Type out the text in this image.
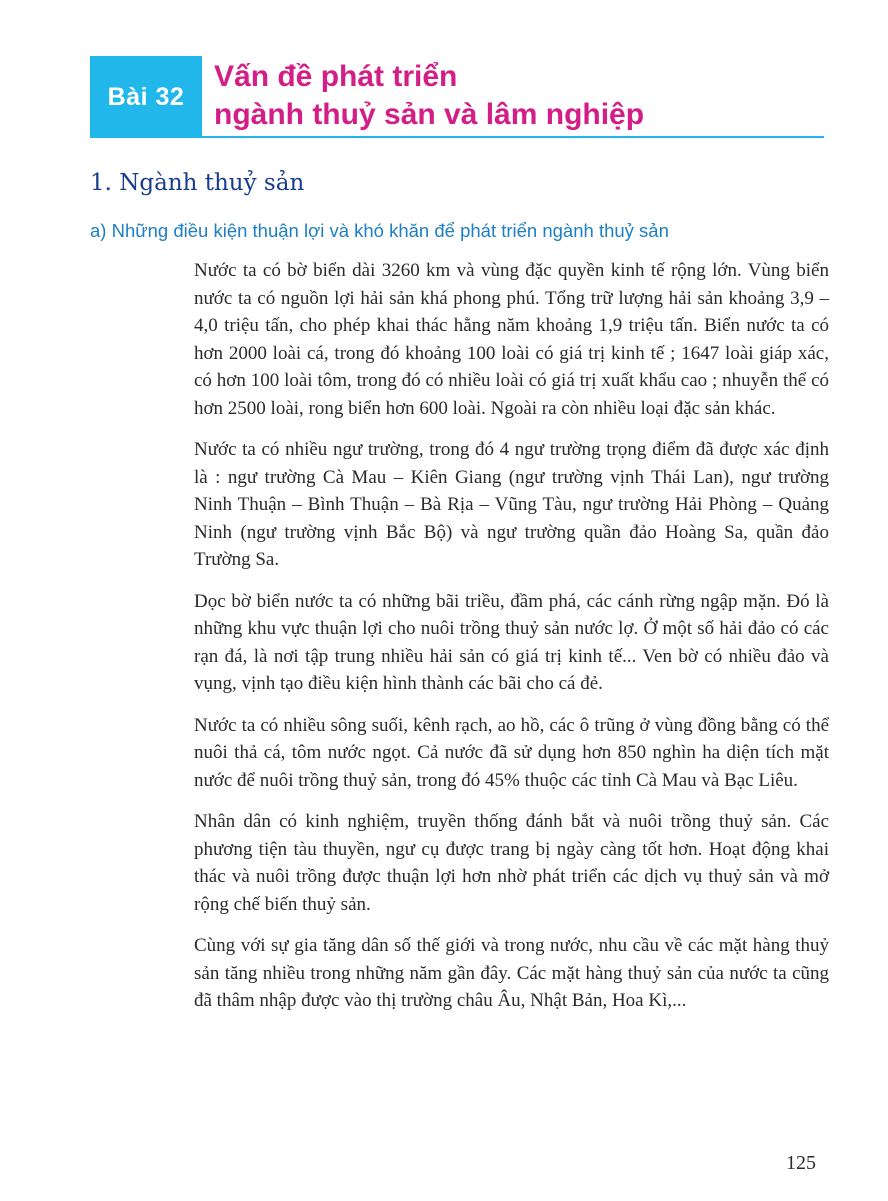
Bài 32
Vấn đề phát triển
ngành thuỷ sản và lâm nghiệp
1. Ngành thuỷ sản
a) Những điều kiện thuận lợi và khó khăn để phát triển ngành thuỷ sản

Nước ta có bờ biển dài 3260 km và vùng đặc quyền kinh tế rộng lớn. Vùng biển nước ta có nguồn lợi hải sản khá phong phú. Tổng trữ lượng hải sản khoảng 3,9 – 4,0 triệu tấn, cho phép khai thác hằng năm khoảng 1,9 triệu tấn. Biển nước ta có hơn 2000 loài cá, trong đó khoảng 100 loài có giá trị kinh tế ; 1647 loài giáp xác, có hơn 100 loài tôm, trong đó có nhiều loài có giá trị xuất khẩu cao ; nhuyễn thể có hơn 2500 loài, rong biển hơn 600 loài. Ngoài ra còn nhiều loại đặc sản khác.

Nước ta có nhiều ngư trường, trong đó 4 ngư trường trọng điểm đã được xác định là : ngư trường Cà Mau – Kiên Giang (ngư trường vịnh Thái Lan), ngư trường Ninh Thuận – Bình Thuận – Bà Rịa – Vũng Tàu, ngư trường Hải Phòng – Quảng Ninh (ngư trường vịnh Bắc Bộ) và ngư trường quần đảo Hoàng Sa, quần đảo Trường Sa.

Dọc bờ biển nước ta có những bãi triều, đầm phá, các cánh rừng ngập mặn. Đó là những khu vực thuận lợi cho nuôi trồng thuỷ sản nước lợ. Ở một số hải đảo có các rạn đá, là nơi tập trung nhiều hải sản có giá trị kinh tế... Ven bờ có nhiều đảo và vụng, vịnh tạo điều kiện hình thành các bãi cho cá đẻ.

Nước ta có nhiều sông suối, kênh rạch, ao hồ, các ô trũng ở vùng đồng bằng có thể nuôi thả cá, tôm nước ngọt. Cả nước đã sử dụng hơn 850 nghìn ha diện tích mặt nước để nuôi trồng thuỷ sản, trong đó 45% thuộc các tỉnh Cà Mau và Bạc Liêu.

Nhân dân có kinh nghiệm, truyền thống đánh bắt và nuôi trồng thuỷ sản. Các phương tiện tàu thuyền, ngư cụ được trang bị ngày càng tốt hơn. Hoạt động khai thác và nuôi trồng được thuận lợi hơn nhờ phát triển các dịch vụ thuỷ sản và mở rộng chế biến thuỷ sản.

Cùng với sự gia tăng dân số thế giới và trong nước, nhu cầu về các mặt hàng thuỷ sản tăng nhiều trong những năm gần đây. Các mặt hàng thuỷ sản của nước ta cũng đã thâm nhập được vào thị trường châu Âu, Nhật Bản, Hoa Kì,...

125
